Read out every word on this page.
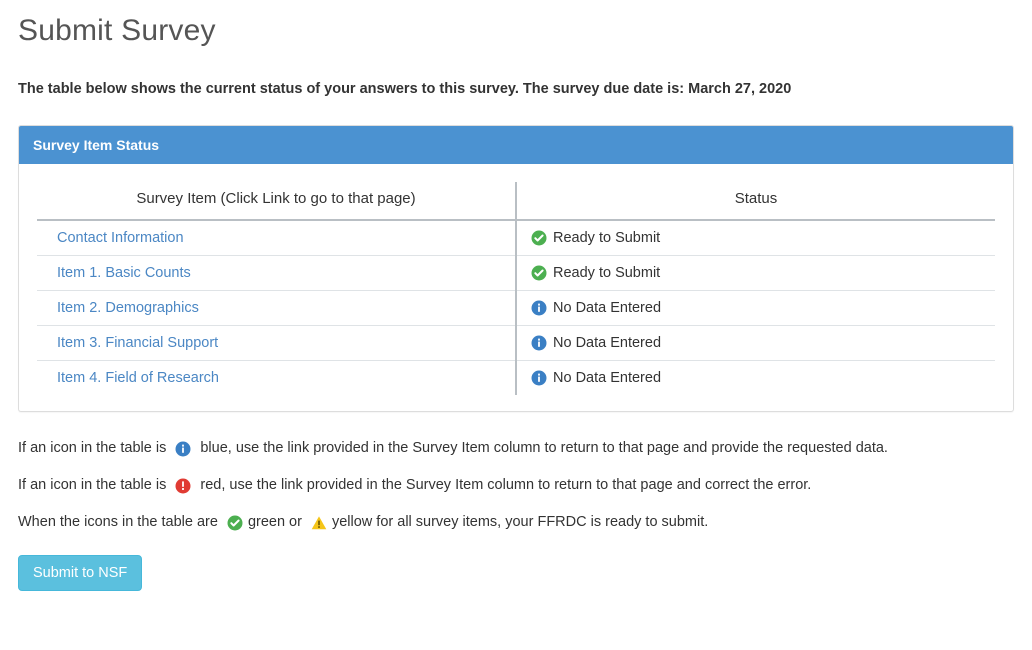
Submit Survey
The table below shows the current status of your answers to this survey. The survey due date is: March 27, 2020
Survey Item Status
Survey Item (Click Link to go to that page)	Status
Contact Information	Ready to Submit

Item 1. Basic Counts	Ready to Submit

Item 2. Demographics	No Data Entered

Item 3. Financial Support	No Data Entered

Item 4. Field of Research	No Data Entered
If an icon in the table is blue, use the link provided in the Survey Item column to return to that page and provide the requested data.
If an icon in the table is red, use the link provided in the Survey Item column to return to that page and correct the error.
When the icons in the table are green or yellow for all survey items, your FFRDC is ready to submit.
Submit to NSF
